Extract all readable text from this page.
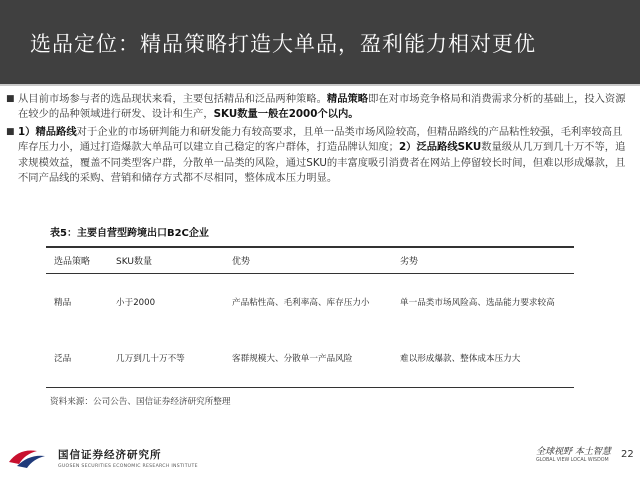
选品定位：精品策略打造大单品，盈利能力相对更优
■ 从目前市场参与者的选品现状来看，主要包括精品和泛品两种策略。精品策略即在对市场竞争格局和消费需求分析的基础上，投入资源在较少的品种领域进行研发、设计和生产，SKU数量一般在2000个以内。
■ 1）精品路线对于企业的市场研判能力和研发能力有较高要求，且单一品类市场风险较高，但精品路线的产品粘性较强，毛利率较高且库存压力小，通过打造爆款大单品可以建立自己稳定的客户群体，打造品牌认知度；2）泛品路线SKU数量级从几万到几十万不等，追求规模效益，覆盖不同类型客户群，分散单一品类的风险，通过SKU的丰富度吸引消费者在网站上停留较长时间，但难以形成爆款，且不同产品线的采购、营销和储存方式都不尽相同，整体成本压力明显。
表5：主要自营型跨境出口B2C企业
选品策略	SKU数量	优势	劣势
精品	小于2000	产品粘性高、毛利率高、库存压力小	单一品类市场风险高、选品能力要求较高
泛品	几万到几十万不等	客群规模大、分散单一产品风险	难以形成爆款、整体成本压力大
资料来源：公司公告、国信证券经济研究所整理
国信证券经济研究所
GUOSEN SECURITIES ECONOMIC RESEARCH INSTITUTE
全球视野 本土智慧
GLOBAL VIEW LOCAL WISDOM
22
